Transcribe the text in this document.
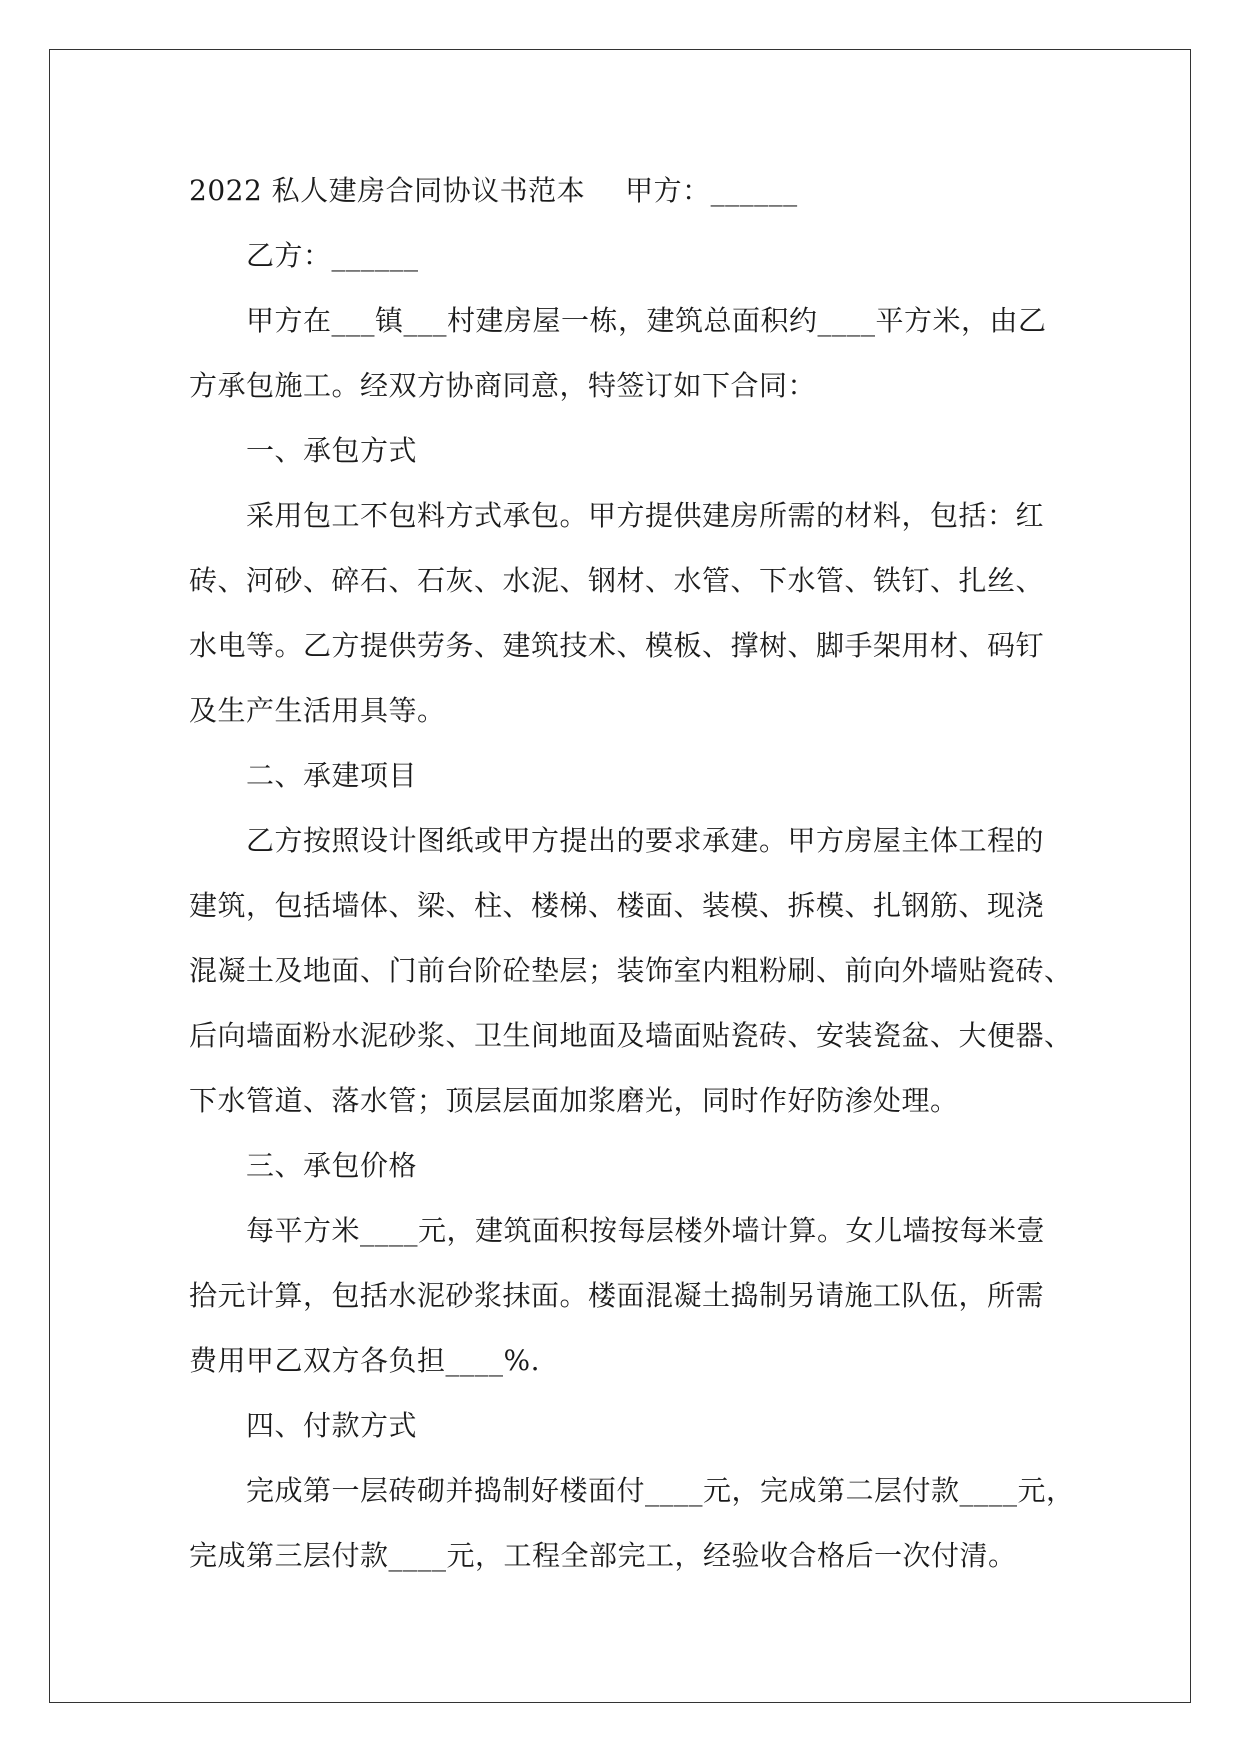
2022 私人建房合同协议书范本 甲方：______
乙方：______
甲方在___镇___村建房屋一栋，建筑总面积约____平方米，由乙
方承包施工。经双方协商同意，特签订如下合同：
一、承包方式
采用包工不包料方式承包。甲方提供建房所需的材料，包括：红
砖、河砂、碎石、石灰、水泥、钢材、水管、下水管、铁钉、扎丝、
水电等。乙方提供劳务、建筑技术、模板、撑树、脚手架用材、码钉
及生产生活用具等。
二、承建项目
乙方按照设计图纸或甲方提出的要求承建。甲方房屋主体工程的
建筑，包括墙体、梁、柱、楼梯、楼面、装模、拆模、扎钢筋、现浇
混凝土及地面、门前台阶砼垫层；装饰室内粗粉刷、前向外墙贴瓷砖、
后向墙面粉水泥砂浆、卫生间地面及墙面贴瓷砖、安装瓷盆、大便器、
下水管道、落水管；顶层层面加浆磨光，同时作好防渗处理。
三、承包价格
每平方米____元，建筑面积按每层楼外墙计算。女儿墙按每米壹
拾元计算，包括水泥砂浆抹面。楼面混凝土捣制另请施工队伍，所需
费用甲乙双方各负担____%.
四、付款方式
完成第一层砖砌并捣制好楼面付____元，完成第二层付款____元，
完成第三层付款____元，工程全部完工，经验收合格后一次付清。
